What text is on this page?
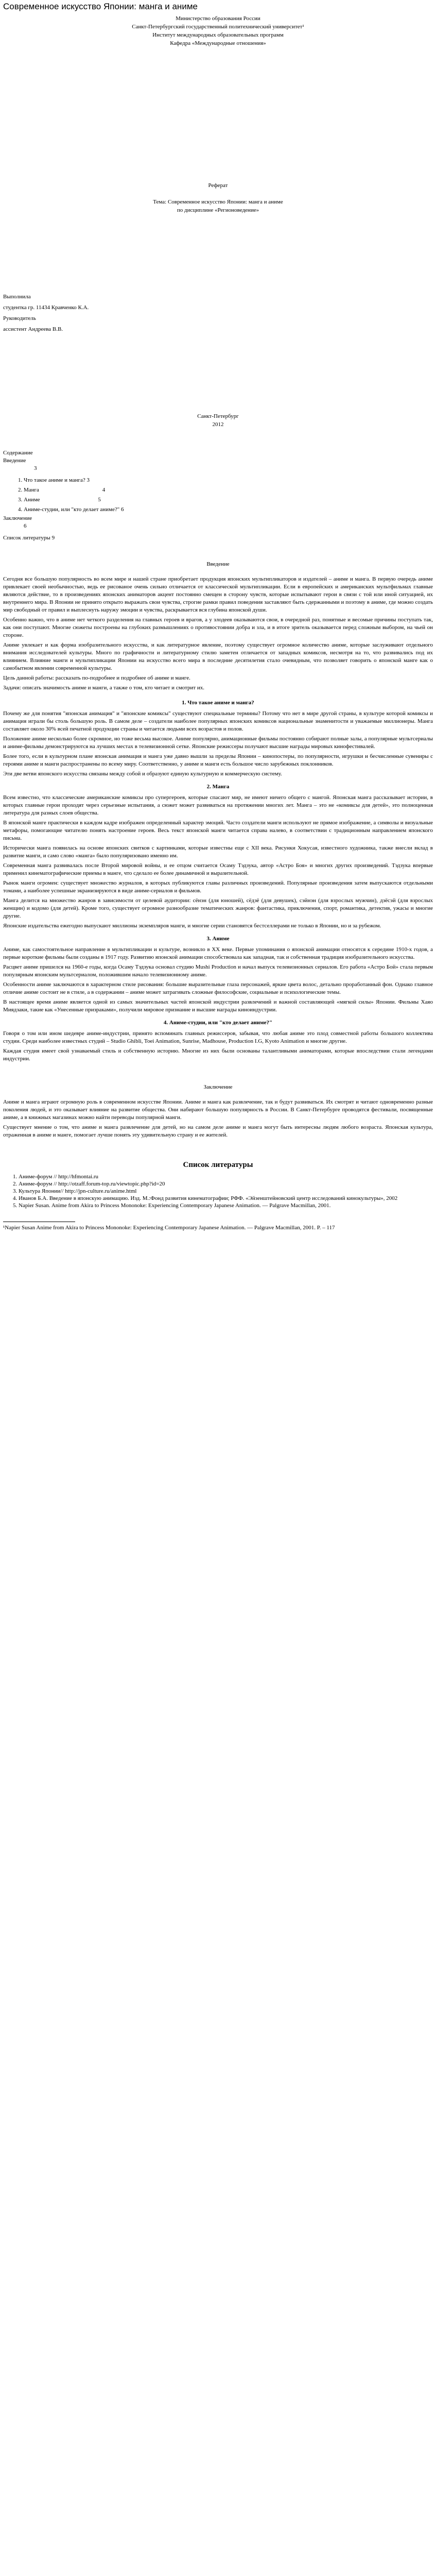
Современное искусство Японии: манга и аниме
Министерство образования России
Санкт-Петербургский государственный политехнический университет¹
Институт международных образовательных программ
Кафедра «Международные отношения»
Реферат
Тема: Современное искусство Японии: манга и аниме
по дисциплине «Регионоведение»
Выполнила
студентка гр. 11434 Кравченко К.А.
Руководитель
ассистент Андреева В.В.
Санкт-Петербург
2012
Содержание
Введение
3
1. Что такое аниме и манга? 3
2. Манга	4
3. Аниме	5
4. Аниме-студии, или "кто делает аниме?" 6
Заключение
6
Список литературы 9
Введение

Сегодня все большую популярность во всем мире и нашей стране приобретает продукция японских мультипликаторов и издателей – аниме и манга. В первую очередь аниме привлекает своей необычностью, ведь ее рисованое очень сильно отличается от классической мультипликации. Если в европейских и американских мультфильмах главные являются действие, то в произведениях японских аниматоров акцент постоянно смещен в сторону чувств, которые испытывают герои в связи с той или иной ситуацией, их внутреннего мира. В Японии не принято открыто выражать свои чувства, строгие рамки правил поведения заставляют быть сдержанными и поэтому в аниме, где можно создать мир свободный от правил и выплеснуть наружу эмоции и чувства, раскрывается вся глубина японской души.

Особенно важно, что в аниме нет четкого разделения на главных героев и врагов, а у злодеев оказываются свои, в очередной раз, понятные и весомые причины поступать так, как они поступают. Многие сюжеты построены на глубоких размышлениях о противостоянии добра и зла, и в итоге зритель оказывается перед сложным выбором, на чьей он стороне.

Аниме увлекает и как форма изобразительного искусства, и как литературное явление, поэтому существует огромное количество аниме, которые заслуживают отдельного внимания исследователей культуры. Много по графичности и литературному стилю заметен отличается от западных комиксов, несмотря на то, что развивались под их влиянием. Влияние манги и мультипликации Японии на искусство всего мира в последние десятилетия стало очевидным, что позволяет говорить о японской манге как о самобытном явлении современной культуры.

Цель данной работы: рассказать по-подробнее и подробнее об аниме и манге.

Задачи: описать значимость аниме и манги, а также о том, кто читает и смотрит их.

1. Что такое аниме и манга?

Почему же для понятия "японская анимация" и "японские комиксы" существуют специальные термины? Потому что нет в мире другой страны, в культуре которой комиксы и анимация играли бы столь большую роль. В самом деле – создатели наиболее популярных японских комиксов национальные знаменитости и уважаемые миллионеры. Манга составляет около 30% всей печатной продукции страны и читается людьми всех возрастов и полов.

Положение аниме несколько более скромное, но тоже весьма высокое. Аниме популярно, анимационные фильмы постоянно собирают полные залы, а популярные мультсериалы и аниме-фильмы демонстрируются на лучших местах в телевизионной сетке. Японские режиссеры получают высшие награды мировых кинофестивалей.

Более того, если в культурном плане японская анимация и манга уже давно вышли за пределы Японии – кинопостеры, по популярности, игрушки и бесчисленные сувениры с героями аниме и манги распространены по всему миру. Соответственно, у аниме и манги есть большое число зарубежных поклонников.

Эти две ветви японского искусства связаны между собой и образуют единую культурную и коммерческую систему.

2. Манга

Всем известно, что классические американские комиксы про супергероев, которые спасают мир, не имеют ничего общего с мангой. Японская манга рассказывает истории, в которых главные герои проходят через серьезные испытания, а сюжет может развиваться на протяжении многих лет. Манга – это не «комиксы для детей», это полноценная литература для разных слоев общества.

В японской манге практически в каждом кадре изображен определенный характер эмоций. Часто создатели манги используют не прямое изображение, а символы и визуальные метафоры, помогающие читателю понять настроение героев. Весь текст японской манги читается справа налево, в соответствии с традиционным направлением японского письма.

Исторически манга появилась на основе японских свитков с картинками, которые известны еще с XII века. Рисунки Хокусая, известного художника, также внесли вклад в развитие манги, и само слово «манга» было популяризовано именно им.

Современная манга развивалась после Второй мировой войны, и ее отцом считается Осаму Тэдзука, автор «Астро Боя» и многих других произведений. Тэдзука впервые применил кинематографические приемы в манге, что сделало ее более динамичной и выразительной.

Рынок манги огромен: существует множество журналов, в которых публикуются главы различных произведений. Популярные произведения затем выпускаются отдельными томами, а наиболее успешные экранизируются в виде аниме-сериалов и фильмов.

Манга делится на множество жанров в зависимости от целевой аудитории: сёнэн (для юношей), сёдзё (для девушек), сэйнэн (для взрослых мужчин), дзёсэй (для взрослых женщин) и кодомо (для детей). Кроме того, существует огромное разнообразие тематических жанров: фантастика, приключения, спорт, романтика, детектив, ужасы и многие другие.

Японские издательства ежегодно выпускают миллионы экземпляров манги, и многие серии становятся бестселлерами не только в Японии, но и за рубежом.

3. Аниме

Аниме, как самостоятельное направление в мультипликации и культуре, возникло в XX веке. Первые упоминания о японской анимации относятся к середине 1910-х годов, а первые короткие фильмы были созданы в 1917 году. Развитию японской анимации способствовала как западная, так и собственная традиция изобразительного искусства.

Расцвет аниме пришелся на 1960-е годы, когда Осаму Тэдзука основал студию Mushi Production и начал выпуск телевизионных сериалов. Его работа «Астро Бой» стала первым популярным японским мультсериалом, положившим начало телевизионному аниме.

Особенности аниме заключаются в характерном стиле рисования: большие выразительные глаза персонажей, яркие цвета волос, детально проработанный фон. Однако главное отличие аниме состоит не в стиле, а в содержании – аниме может затрагивать сложные философские, социальные и психологические темы.

В настоящее время аниме является одной из самых значительных частей японской индустрии развлечений и важной составляющей «мягкой силы» Японии. Фильмы Хаяо Миядзаки, такие как «Унесенные призраками», получили мировое признание и высшие награды киноиндустрии.

4. Аниме-студии, или "кто делает аниме?"

Говоря о том или ином шедевре аниме-индустрии, принято вспоминать главных режиссеров, забывая, что любая аниме это плод совместной работы большого коллектива студии. Среди наиболее известных студий – Studio Ghibli, Toei Animation, Sunrise, Madhouse, Production I.G, Kyoto Animation и многие другие.

Каждая студия имеет свой узнаваемый стиль и собственную историю. Многие из них были основаны талантливыми аниматорами, которые впоследствии стали легендами индустрии.

Заключение

Аниме и манга играют огромную роль в современном искусстве Японии. Аниме и манга как развлечение, так и будут развиваться. Их смотрят и читают одновременно разные поколения людей, и это оказывает влияние на развитие общества. Они набирают большую популярность в России. В Санкт-Петербурге проводятся фестивали, посвященные аниме, а в книжных магазинах можно найти переводы популярной манги.

Существует мнение о том, что аниме и манга развлечение для детей, но на самом деле аниме и манга могут быть интересны людям любого возраста. Японская культура, отраженная в аниме и манге, помогает лучше понять эту удивительную страну и ее жителей.

Список литературы
1. Аниме-форум // http://hfmontai.ru
2. Аниме-форум // http://otzaff.forum-top.ru/viewtopic.php?id=20
3. Культура Японии// http://jpn-culture.ru/anime.html
4. Иванов Б.А. Введение в японскую анимацию. Изд. М.:Фонд развития кинематографии; РФФ. «Эйзенштейновский центр исследований кинокультуры», 2002
5. Napier Susan. Anime from Akira to Princess Mononoke: Experiencing Contemporary Japanese Animation. — Palgrave Macmillan, 2001.
¹Napier Susan Anime from Akira to Princess Mononoke: Experiencing Contemporary Japanese Animation. — Palgrave Macmillan, 2001. P. – 117
